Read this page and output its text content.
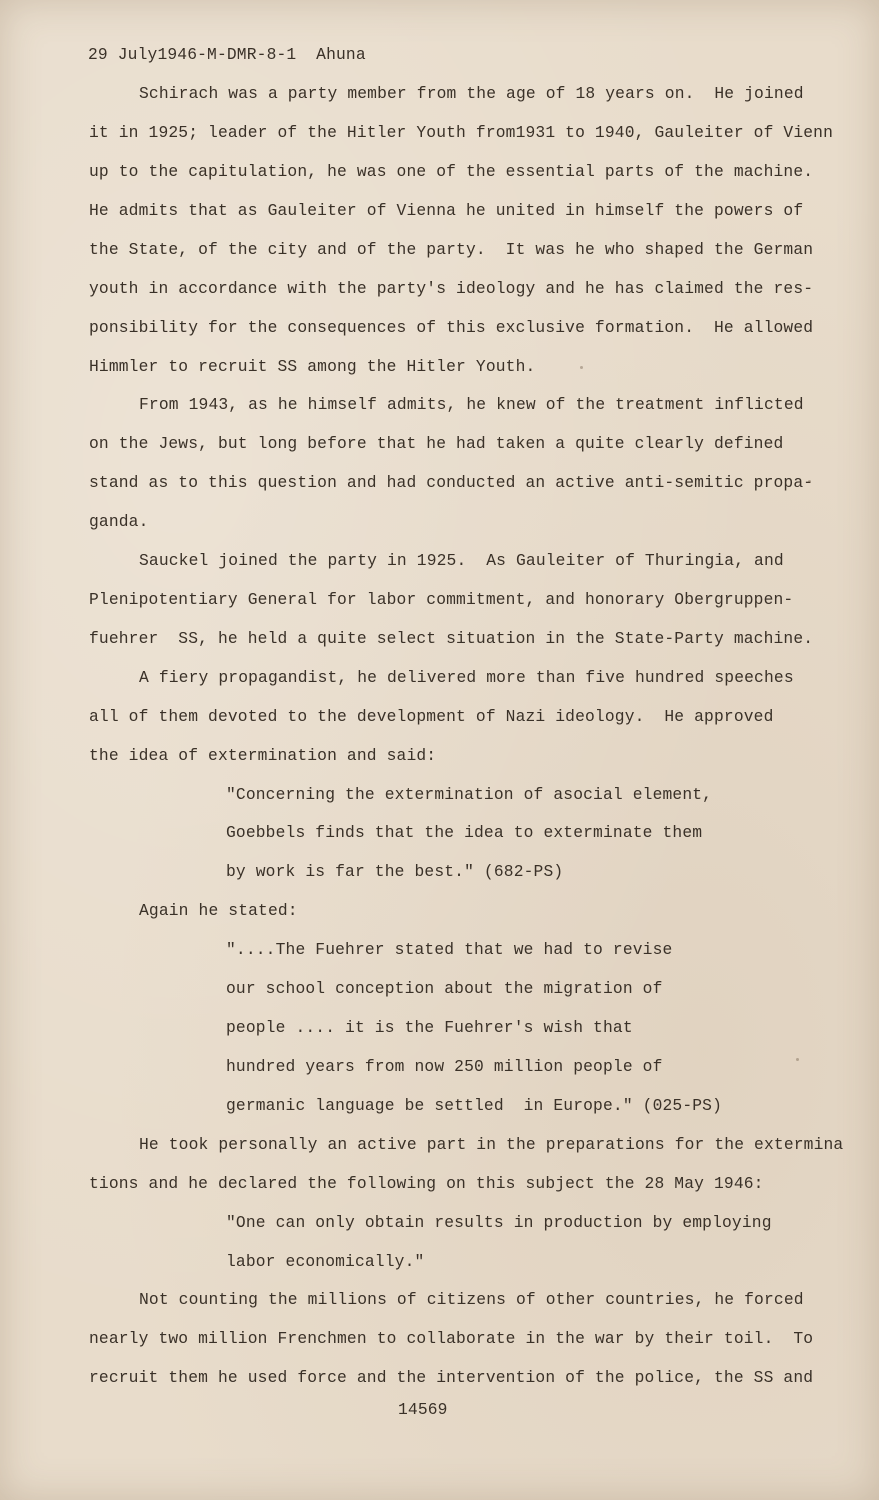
29 July1946-M-DMR-8-1  Ahuna
Schirach was a party member from the age of 18 years on.  He joined
it in 1925; leader of the Hitler Youth from1931 to 1940, Gauleiter of Vienn
up to the capitulation, he was one of the essential parts of the machine.
He admits that as Gauleiter of Vienna he united in himself the powers of
the State, of the city and of the party.  It was he who shaped the German
youth in accordance with the party's ideology and he has claimed the res-
ponsibility for the consequences of this exclusive formation.  He allowed
Himmler to recruit SS among the Hitler Youth.
From 1943, as he himself admits, he knew of the treatment inflicted
on the Jews, but long before that he had taken a quite clearly defined
stand as to this question and had conducted an active anti-semitic propa-
ganda.
Sauckel joined the party in 1925.  As Gauleiter of Thuringia, and
Plenipotentiary General for labor commitment, and honorary Obergruppen-
fuehrer  SS, he held a quite select situation in the State-Party machine.
A fiery propagandist, he delivered more than five hundred speeches
all of them devoted to the development of Nazi ideology.  He approved
the idea of extermination and said:
"Concerning the extermination of asocial element,
Goebbels finds that the idea to exterminate them
by work is far the best." (682-PS)
Again he stated:
"....The Fuehrer stated that we had to revise
our school conception about the migration of
people .... it is the Fuehrer's wish that
hundred years from now 250 million people of
germanic language be settled  in Europe." (025-PS)
He took personally an active part in the preparations for the extermina
tions and he declared the following on this subject the 28 May 1946:
"One can only obtain results in production by employing
labor economically."
Not counting the millions of citizens of other countries, he forced
nearly two million Frenchmen to collaborate in the war by their toil.  To
recruit them he used force and the intervention of the police, the SS and
14569
